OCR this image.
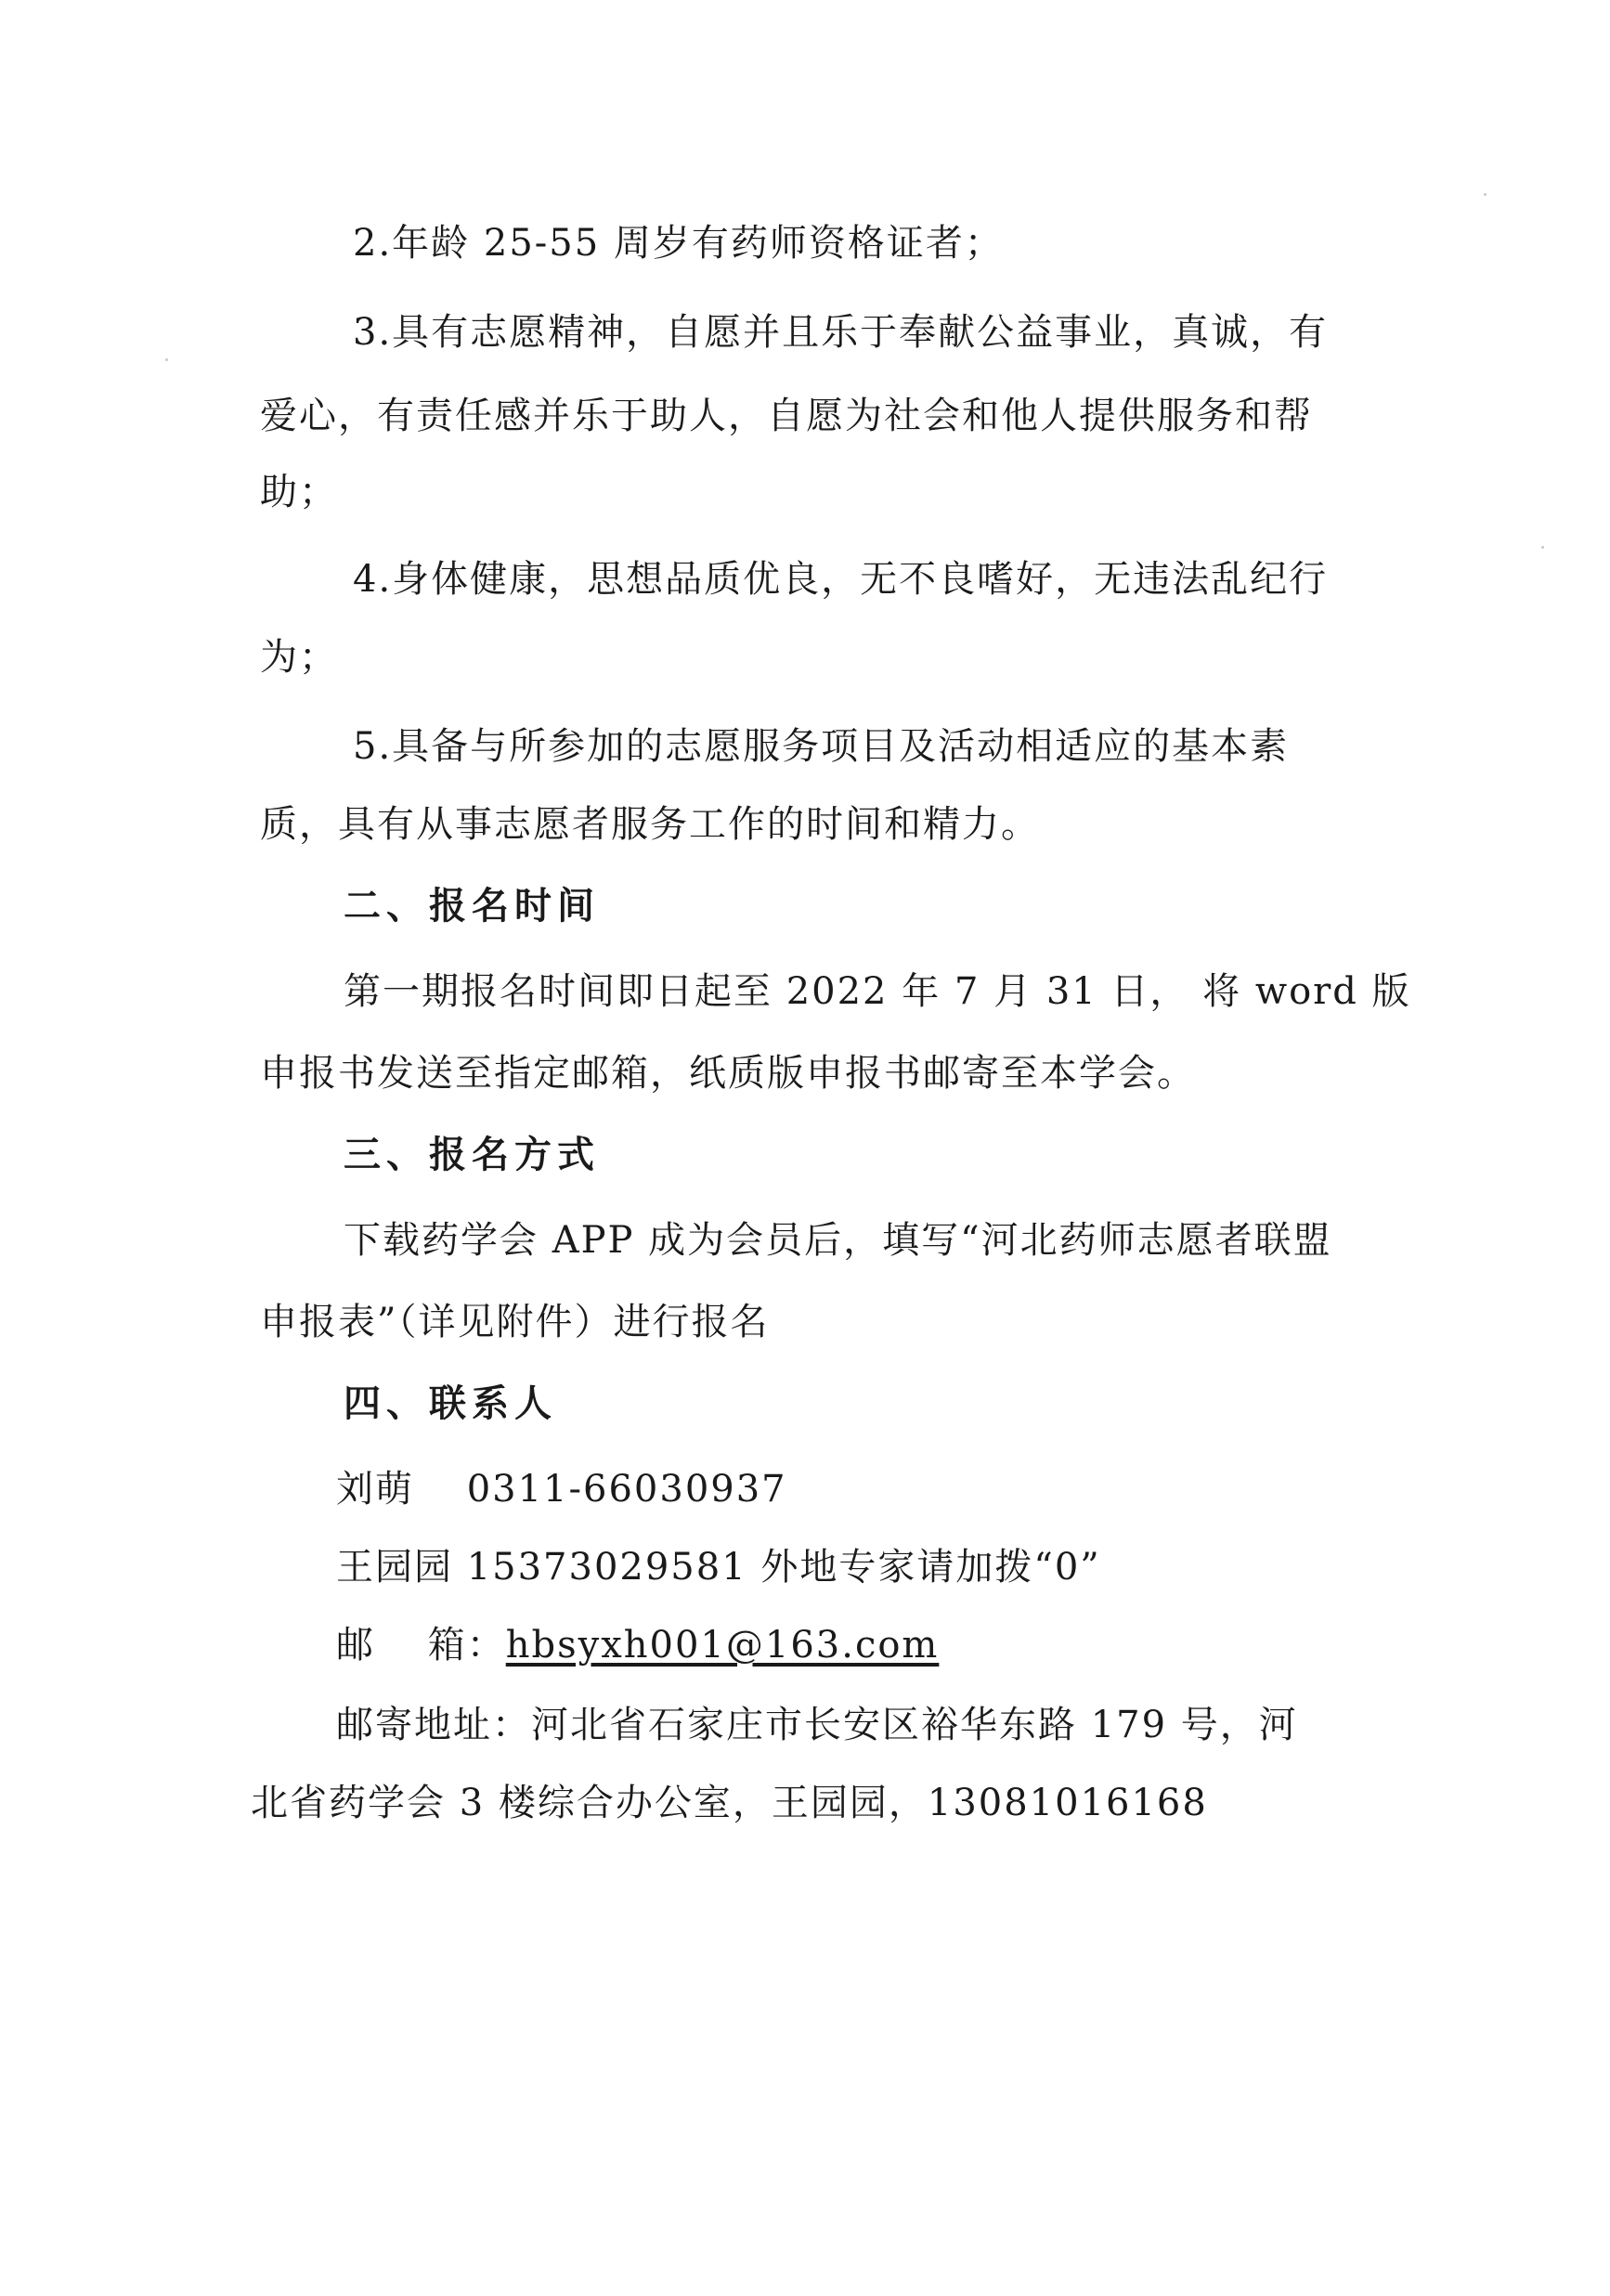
2.年龄 25-55 周岁有药师资格证者；
3.具有志愿精神，自愿并且乐于奉献公益事业，真诚，有
爱心，有责任感并乐于助人，自愿为社会和他人提供服务和帮
助；
4.身体健康，思想品质优良，无不良嗜好，无违法乱纪行
为；
5.具备与所参加的志愿服务项目及活动相适应的基本素
质，具有从事志愿者服务工作的时间和精力。
二、报名时间
第一期报名时间即日起至 2022 年 7 月 31 日， 将 word 版
申报书发送至指定邮箱，纸质版申报书邮寄至本学会。
三、报名方式
下载药学会 APP 成为会员后，填写“河北药师志愿者联盟
申报表”（详见附件）进行报名
四、联系人
刘萌　 0311-66030937
王园园 15373029581 外地专家请加拨“0”
邮　 箱：hbsyxh001@163.com
邮寄地址：河北省石家庄市长安区裕华东路 179 号，河
北省药学会 3 楼综合办公室，王园园，13081016168
